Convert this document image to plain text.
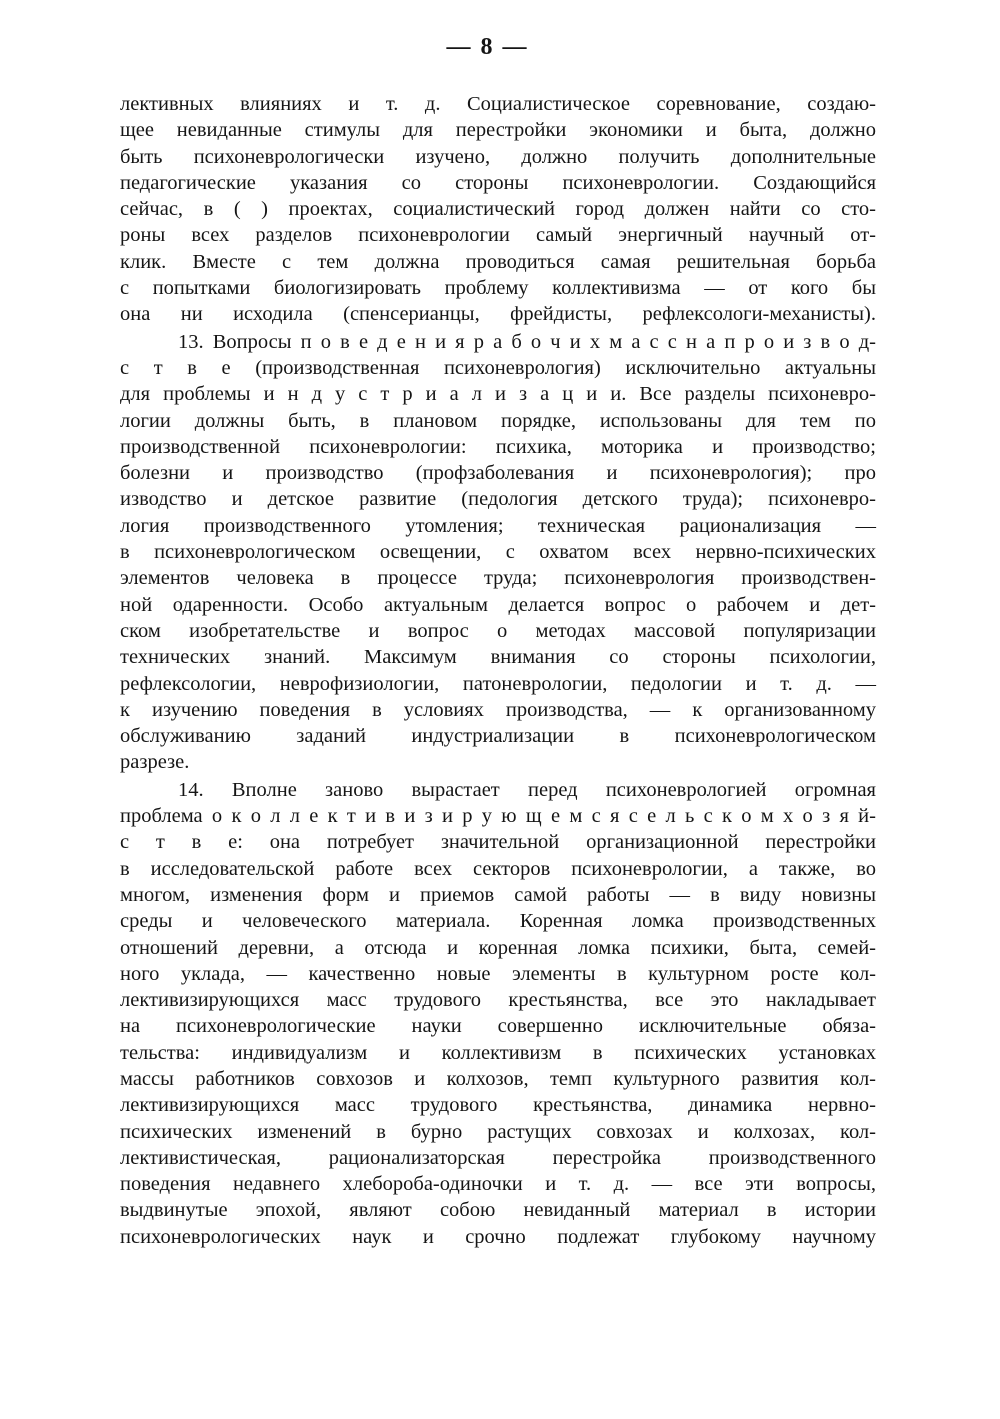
— 8 —
лективных влияниях и т. д. Социалистическое соревнование, создаю-
щее невиданные стимулы для перестройки экономики и быта, должно
быть психоневрологически изучено, должно получить дополнительные
педагогические указания со стороны психоневрологии. Создающийся
сейчас, в ( ) проектах, социалистический город должен найти со сто-
роны всех разделов психоневрологии самый энергичный научный от-
клик. Вместе с тем должна проводиться самая решительная борьба
с попытками биологизировать проблему коллективизма — от кого бы
она ни исходила (спенсерианцы, фрейдисты, рефлексологи-механисты).
13. Вопросы п о в е д е н и я р а б о ч и х м а с с н а п р о и з в о д-
с т в е (производственная психоневрология) исключительно актуальны
для проблемы и н д у с т р и а л и з а ц и и. Все разделы психоневро-
логии должны быть, в плановом порядке, использованы для тем по
производственной психоневрологии: психика, моторика и производство;
болезни и производство (профзаболевания и психоневрология); про
изводство и детское развитие (педология детского труда); психоневро-
логия производственного утомления; техническая рационализация —
в психоневрологическом освещении, с охватом всех нервно-психических
элементов человека в процессе труда; психоневрология производствен-
ной одаренности. Особо актуальным делается вопрос о рабочем и дет-
ском изобретательстве и вопрос о методах массовой популяризации
технических знаний. Максимум внимания со стороны психологии,
рефлексологии, неврофизиологии, патоневрологии, педологии и т. д. —
к изучению поведения в условиях производства, — к организованному
обслуживанию заданий индустриализации в психоневрологическом
разрезе.
14. Вполне заново вырастает перед психоневрологией огромная
проблема о к о л л е к т и в и з и р у ю щ е м с я с е л ь с к о м х о з я й-
с т в е: она потребует значительной организационной перестройки
в исследовательской работе всех секторов психоневрологии, а также, во
многом, изменения форм и приемов самой работы — в виду новизны
среды и человеческого материала. Коренная ломка производственных
отношений деревни, а отсюда и коренная ломка психики, быта, семей-
ного уклада, — качественно новые элементы в культурном росте кол-
лективизирующихся масс трудового крестьянства, все это накладывает
на психоневрологические науки совершенно исключительные обяза-
тельства: индивидуализм и коллективизм в психических установках
массы работников совхозов и колхозов, темп культурного развития кол-
лективизирующихся масс трудового крестьянства, динамика нервно-
психических изменений в бурно растущих совхозах и колхозах, кол-
лективистическая, рационализаторская перестройка производственного
поведения недавнего хлебороба-одиночки и т. д. — все эти вопросы,
выдвинутые эпохой, являют собою невиданный материал в истории
психоневрологических наук и срочно подлежат глубокому научному
